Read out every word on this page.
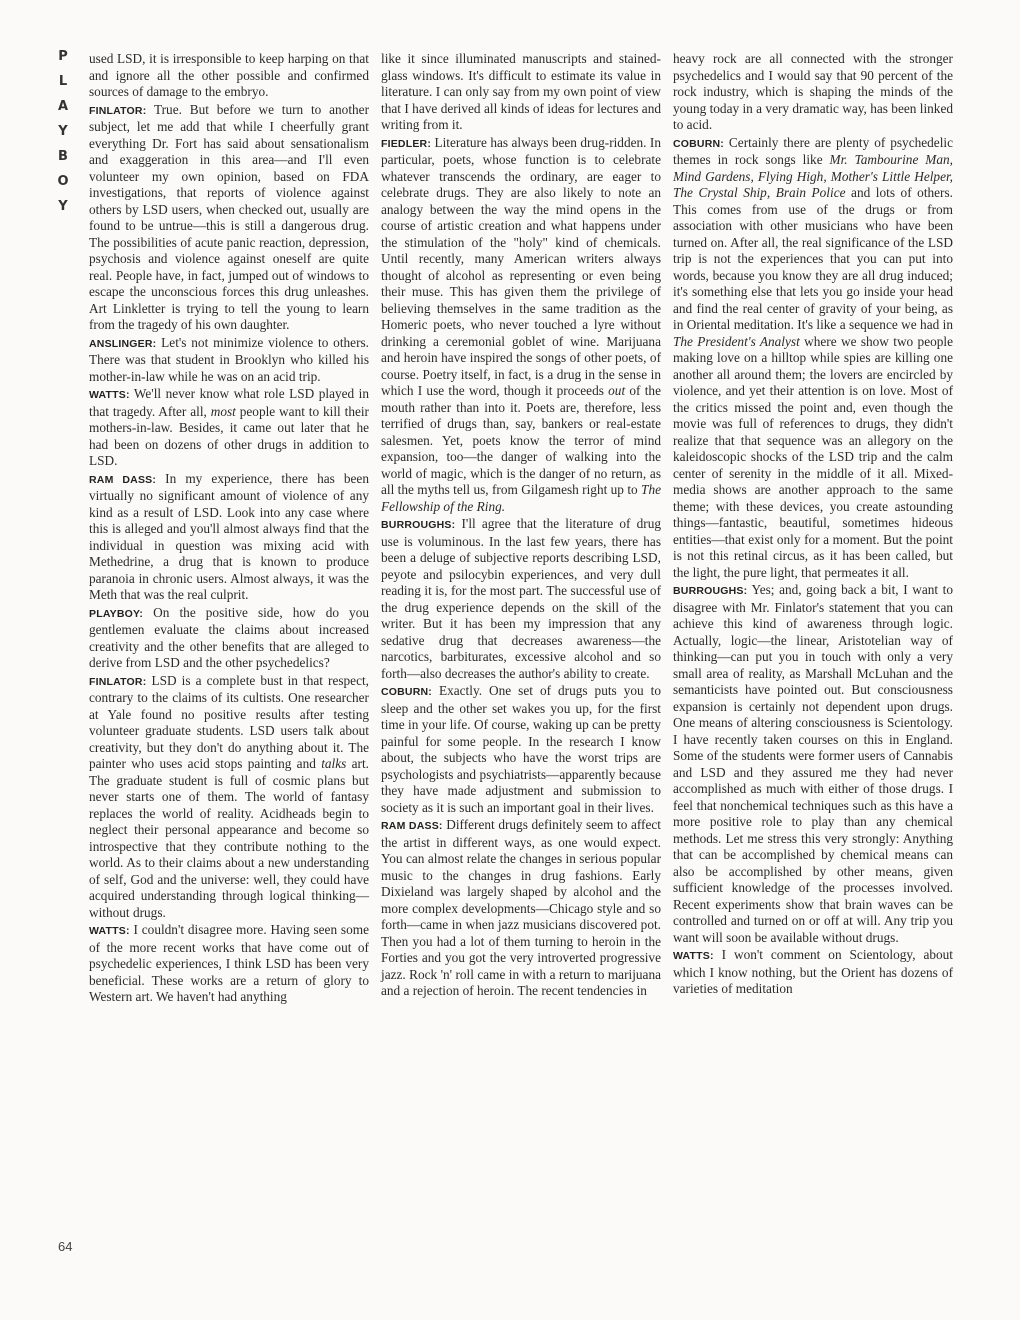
P
L
A
Y
B
O
Y
64

used LSD, it is irresponsible to keep harping on that and ignore all the other possible and confirmed sources of damage to the embryo.

FINLATOR: True. But before we turn to another subject, let me add that while I cheerfully grant everything Dr. Fort has said about sensationalism and exaggeration in this area—and I'll even volunteer my own opinion, based on FDA investigations, that reports of violence against others by LSD users, when checked out, usually are found to be untrue—this is still a dangerous drug. The possibilities of acute panic reaction, depression, psychosis and violence against oneself are quite real. People have, in fact, jumped out of windows to escape the unconscious forces this drug unleashes. Art Linkletter is trying to tell the young to learn from the tragedy of his own daughter.

ANSLINGER: Let's not minimize violence to others. There was that student in Brooklyn who killed his mother-in-law while he was on an acid trip.

WATTS: We'll never know what role LSD played in that tragedy. After all, most people want to kill their mothers-in-law. Besides, it came out later that he had been on dozens of other drugs in addition to LSD.

RAM DASS: In my experience, there has been virtually no significant amount of violence of any kind as a result of LSD. Look into any case where this is alleged and you'll almost always find that the individual in question was mixing acid with Methedrine, a drug that is known to produce paranoia in chronic users. Almost always, it was the Meth that was the real culprit.

PLAYBOY: On the positive side, how do you gentlemen evaluate the claims about increased creativity and the other benefits that are alleged to derive from LSD and the other psychedelics?

FINLATOR: LSD is a complete bust in that respect, contrary to the claims of its cultists. One researcher at Yale found no positive results after testing volunteer graduate students. LSD users talk about creativity, but they don't do anything about it. The painter who uses acid stops painting and talks art. The graduate student is full of cosmic plans but never starts one of them. The world of fantasy replaces the world of reality. Acidheads begin to neglect their personal appearance and become so introspective that they contribute nothing to the world. As to their claims about a new understanding of self, God and the universe: well, they could have acquired understanding through logical thinking—without drugs.

WATTS: I couldn't disagree more. Having seen some of the more recent works that have come out of psychedelic experiences, I think LSD has been very beneficial. These works are a return of glory to Western art. We haven't had anything

like it since illuminated manuscripts and stained-glass windows. It's difficult to estimate its value in literature. I can only say from my own point of view that I have derived all kinds of ideas for lectures and writing from it.

FIEDLER: Literature has always been drug-ridden. In particular, poets, whose function is to celebrate whatever transcends the ordinary, are eager to celebrate drugs. They are also likely to note an analogy between the way the mind opens in the course of artistic creation and what happens under the stimulation of the "holy" kind of chemicals. Until recently, many American writers always thought of alcohol as representing or even being their muse. This has given them the privilege of believing themselves in the same tradition as the Homeric poets, who never touched a lyre without drinking a ceremonial goblet of wine. Marijuana and heroin have inspired the songs of other poets, of course. Poetry itself, in fact, is a drug in the sense in which I use the word, though it proceeds out of the mouth rather than into it. Poets are, therefore, less terrified of drugs than, say, bankers or real-estate salesmen. Yet, poets know the terror of mind expansion, too—the danger of walking into the world of magic, which is the danger of no return, as all the myths tell us, from Gilgamesh right up to The Fellowship of the Ring.

BURROUGHS: I'll agree that the literature of drug use is voluminous. In the last few years, there has been a deluge of subjective reports describing LSD, peyote and psilocybin experiences, and very dull reading it is, for the most part. The successful use of the drug experience depends on the skill of the writer. But it has been my impression that any sedative drug that decreases awareness—the narcotics, barbiturates, excessive alcohol and so forth—also decreases the author's ability to create.

COBURN: Exactly. One set of drugs puts you to sleep and the other set wakes you up, for the first time in your life. Of course, waking up can be pretty painful for some people. In the research I know about, the subjects who have the worst trips are psychologists and psychiatrists—apparently because they have made adjustment and submission to society as it is such an important goal in their lives.

RAM DASS: Different drugs definitely seem to affect the artist in different ways, as one would expect. You can almost relate the changes in serious popular music to the changes in drug fashions. Early Dixieland was largely shaped by alcohol and the more complex developments—Chicago style and so forth—came in when jazz musicians discovered pot. Then you had a lot of them turning to heroin in the Forties and you got the very introverted progressive jazz. Rock 'n' roll came in with a return to marijuana and a rejection of heroin. The recent tendencies in

heavy rock are all connected with the stronger psychedelics and I would say that 90 percent of the rock industry, which is shaping the minds of the young today in a very dramatic way, has been linked to acid.

COBURN: Certainly there are plenty of psychedelic themes in rock songs like Mr. Tambourine Man, Mind Gardens, Flying High, Mother's Little Helper, The Crystal Ship, Brain Police and lots of others. This comes from use of the drugs or from association with other musicians who have been turned on. After all, the real significance of the LSD trip is not the experiences that you can put into words, because you know they are all drug induced; it's something else that lets you go inside your head and find the real center of gravity of your being, as in Oriental meditation. It's like a sequence we had in The President's Analyst where we show two people making love on a hilltop while spies are killing one another all around them; the lovers are encircled by violence, and yet their attention is on love. Most of the critics missed the point and, even though the movie was full of references to drugs, they didn't realize that that sequence was an allegory on the kaleidoscopic shocks of the LSD trip and the calm center of serenity in the middle of it all. Mixed-media shows are another approach to the same theme; with these devices, you create astounding things—fantastic, beautiful, sometimes hideous entities—that exist only for a moment. But the point is not this retinal circus, as it has been called, but the light, the pure light, that permeates it all.

BURROUGHS: Yes; and, going back a bit, I want to disagree with Mr. Finlator's statement that you can achieve this kind of awareness through logic. Actually, logic—the linear, Aristotelian way of thinking—can put you in touch with only a very small area of reality, as Marshall McLuhan and the semanticists have pointed out. But consciousness expansion is certainly not dependent upon drugs. One means of altering consciousness is Scientology. I have recently taken courses on this in England. Some of the students were former users of Cannabis and LSD and they assured me they had never accomplished as much with either of those drugs. I feel that nonchemical techniques such as this have a more positive role to play than any chemical methods. Let me stress this very strongly: Anything that can be accomplished by chemical means can also be accomplished by other means, given sufficient knowledge of the processes involved. Recent experiments show that brain waves can be controlled and turned on or off at will. Any trip you want will soon be available without drugs.

WATTS: I won't comment on Scientology, about which I know nothing, but the Orient has dozens of varieties of meditation
